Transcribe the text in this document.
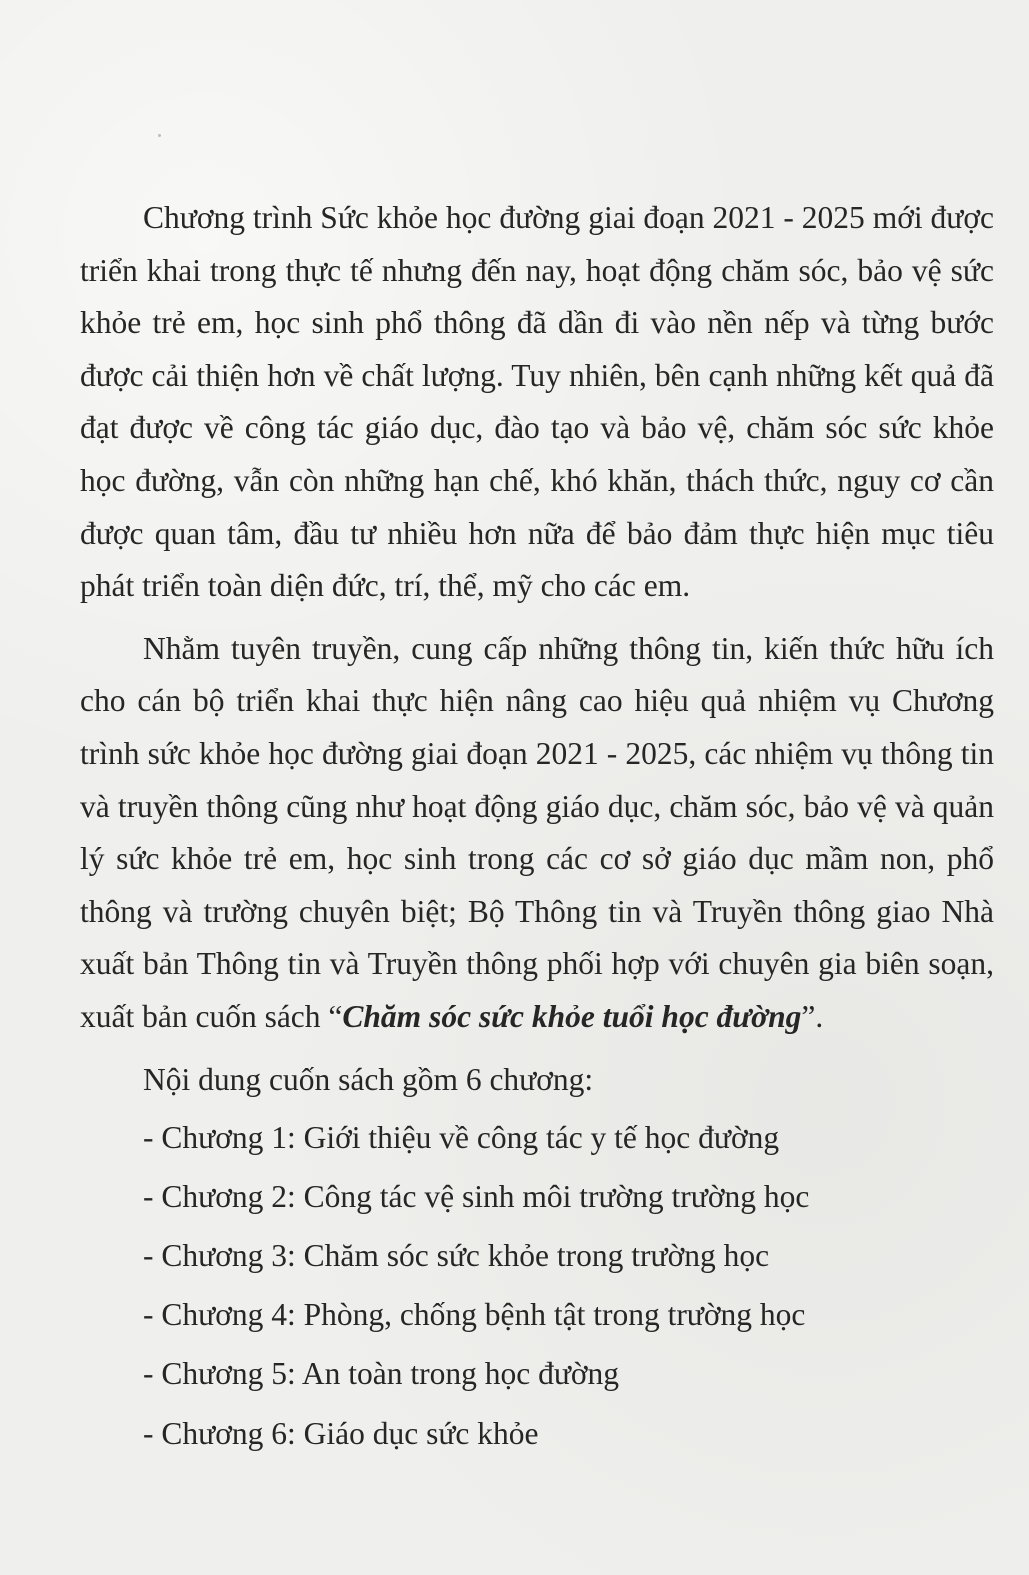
Chương trình Sức khỏe học đường giai đoạn 2021 - 2025 mới được triển khai trong thực tế nhưng đến nay, hoạt động chăm sóc, bảo vệ sức khỏe trẻ em, học sinh phổ thông đã dần đi vào nền nếp và từng bước được cải thiện hơn về chất lượng. Tuy nhiên, bên cạnh những kết quả đã đạt được về công tác giáo dục, đào tạo và bảo vệ, chăm sóc sức khỏe học đường, vẫn còn những hạn chế, khó khăn, thách thức, nguy cơ cần được quan tâm, đầu tư nhiều hơn nữa để bảo đảm thực hiện mục tiêu phát triển toàn diện đức, trí, thể, mỹ cho các em.

Nhằm tuyên truyền, cung cấp những thông tin, kiến thức hữu ích cho cán bộ triển khai thực hiện nâng cao hiệu quả nhiệm vụ Chương trình sức khỏe học đường giai đoạn 2021 - 2025, các nhiệm vụ thông tin và truyền thông cũng như hoạt động giáo dục, chăm sóc, bảo vệ và quản lý sức khỏe trẻ em, học sinh trong các cơ sở giáo dục mầm non, phổ thông và trường chuyên biệt; Bộ Thông tin và Truyền thông giao Nhà xuất bản Thông tin và Truyền thông phối hợp với chuyên gia biên soạn, xuất bản cuốn sách “Chăm sóc sức khỏe tuổi học đường”.

Nội dung cuốn sách gồm 6 chương:

- Chương 1: Giới thiệu về công tác y tế học đường
- Chương 2: Công tác vệ sinh môi trường trường học
- Chương 3: Chăm sóc sức khỏe trong trường học
- Chương 4: Phòng, chống bệnh tật trong trường học
- Chương 5: An toàn trong học đường
- Chương 6: Giáo dục sức khỏe
